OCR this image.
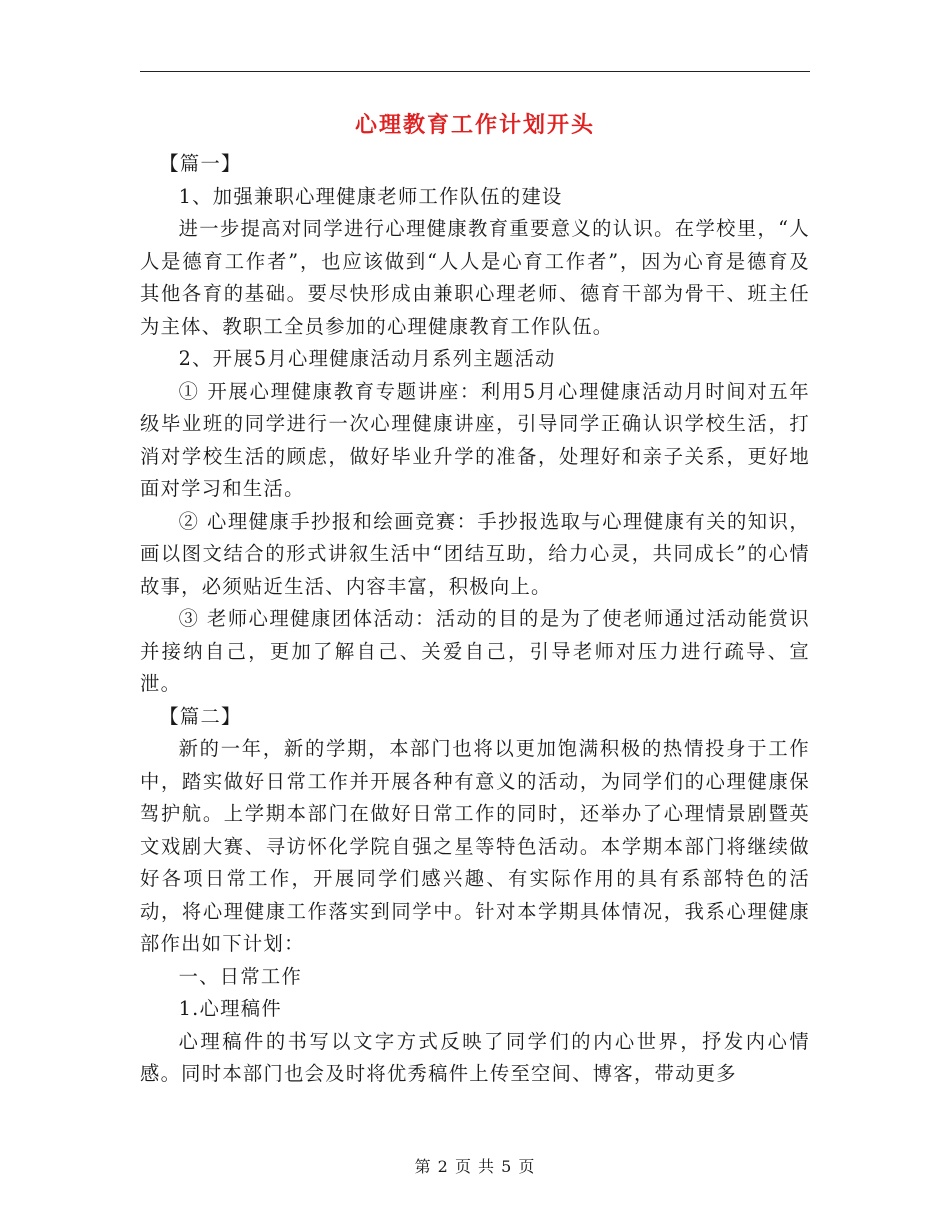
心理教育工作计划开头

【篇一】

1、加强兼职心理健康老师工作队伍的建设

进一步提高对同学进行心理健康教育重要意义的认识。在学校里，“人人是德育工作者”，也应该做到“人人是心育工作者”，因为心育是德育及其他各育的基础。要尽快形成由兼职心理老师、德育干部为骨干、班主任为主体、教职工全员参加的心理健康教育工作队伍。

2、开展5月心理健康活动月系列主题活动

① 开展心理健康教育专题讲座：利用5月心理健康活动月时间对五年级毕业班的同学进行一次心理健康讲座，引导同学正确认识学校生活，打消对学校生活的顾虑，做好毕业升学的准备，处理好和亲子关系，更好地面对学习和生活。

② 心理健康手抄报和绘画竞赛：手抄报选取与心理健康有关的知识，画以图文结合的形式讲叙生活中“团结互助，给力心灵，共同成长”的心情故事，必须贴近生活、内容丰富，积极向上。

③ 老师心理健康团体活动：活动的目的是为了使老师通过活动能赏识并接纳自己，更加了解自己、关爱自己，引导老师对压力进行疏导、宣泄。

【篇二】

新的一年，新的学期，本部门也将以更加饱满积极的热情投身于工作中，踏实做好日常工作并开展各种有意义的活动，为同学们的心理健康保驾护航。上学期本部门在做好日常工作的同时，还举办了心理情景剧暨英文戏剧大赛、寻访怀化学院自强之星等特色活动。本学期本部门将继续做好各项日常工作，开展同学们感兴趣、有实际作用的具有系部特色的活动，将心理健康工作落实到同学中。针对本学期具体情况，我系心理健康部作出如下计划：

一、日常工作

1.心理稿件

心理稿件的书写以文字方式反映了同学们的内心世界，抒发内心情感。同时本部门也会及时将优秀稿件上传至空间、博客，带动更多

第 2 页 共 5 页
